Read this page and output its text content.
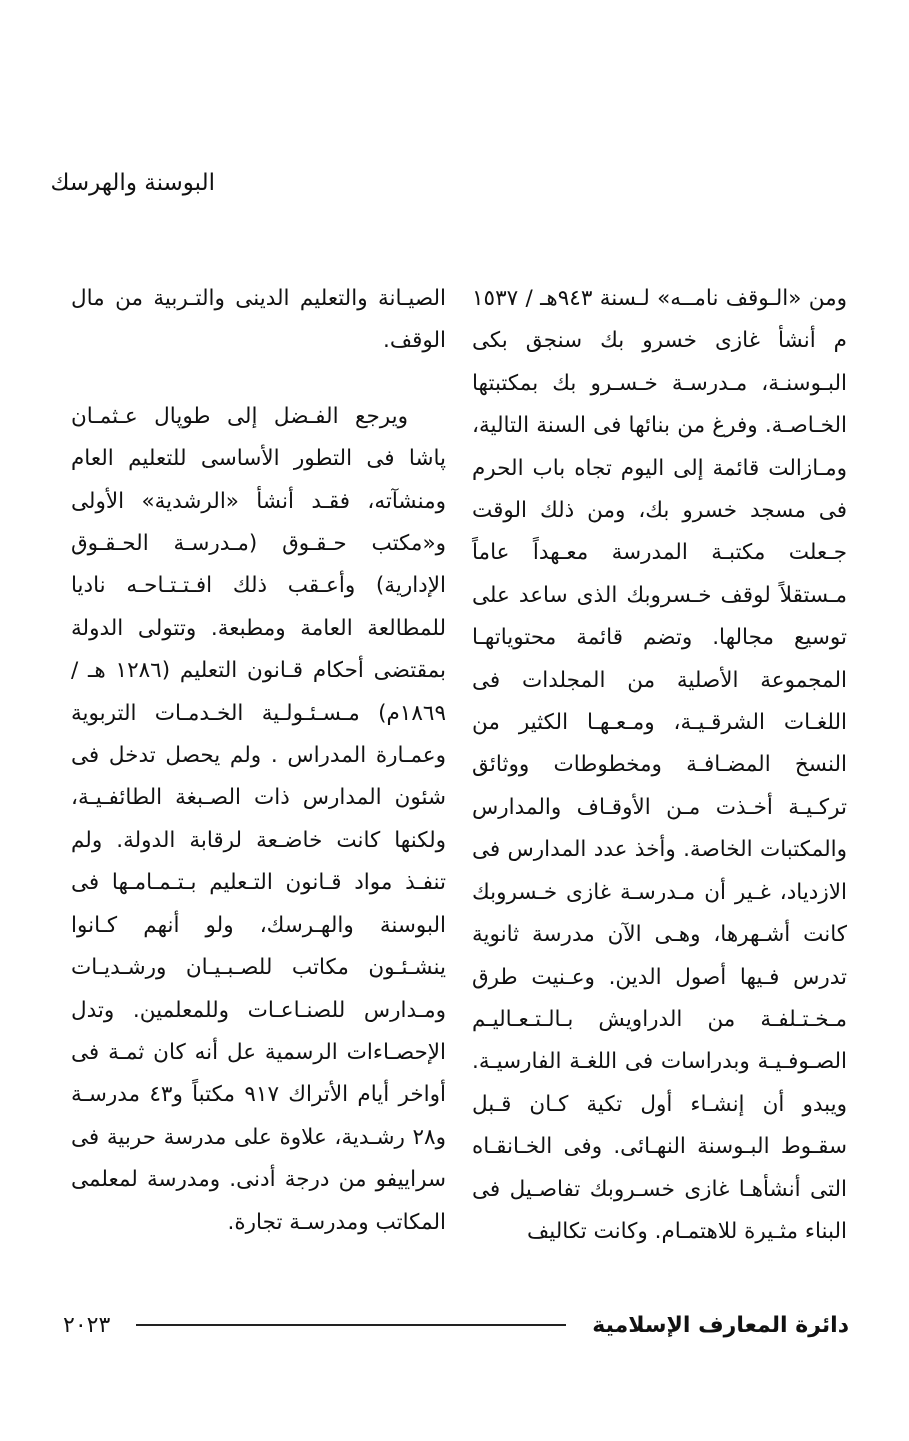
البوسنة والهرسك

ومن «الـوقف نامــه» لـسنة ٩٤٣هـ / ١٥٣٧ م أنشأ غازى خسرو بك سنجق بكى البـوسنـة، مـدرسـة خـسـرو بك بمكتبتها الخـاصـة. وفرغ من بنائها فى السنة التالية، ومـازالت قائمة إلى اليوم تجاه باب الحرم فى مسجد خسرو بك، ومن ذلك الوقت جـعلت مكتبـة المدرسة معـهداً عاماً مـستقلاً لوقف خـسروبك الذى ساعد على توسيع مجالها. وتضم قائمة محتوياتهـا المجموعة الأصلية من المجلدات فى اللغـات الشرقـيـة، ومـعـهـا الكثير من النسخ المضـافـة ومخطوطات ووثائق تركـيـة أخـذت مـن الأوقـاف والمدارس والمكتبات الخاصة. وأخذ عدد المدارس فى الازدياد، غـير أن مـدرسـة غازى خـسروبك كانت أشـهرها، وهـى الآن مدرسة ثانوية تدرس فـيها أصول الدين. وعـنيت طرق مـخـتـلفـة من الدراويش بـالـتـعـاليـم الصـوفـيـة وبدراسات فى اللغـة الفارسيـة. ويبدو أن إنشـاء أول تكية كـان قـبل سقـوط البـوسنة النهـائى. وفى الخـانقـاه التى أنشأهـا غازى خسـروبك تفاصـيل فى البناء مثـيرة للاهتمـام. وكانت تكاليف

الصيـانة والتعليم الدينى والتـربية من مال الوقف.

ويرجع الفـضل إلى طوپال عـثمـان پاشا فى التطور الأساسى للتعليم العام ومنشآته، فقـد أنشأ «الرشدية» الأولى و«مكتب حـقـوق (مـدرسـة الحـقـوق الإدارية) وأعـقب ذلك افـتـتـاحـه ناديا للمطالعة العامة ومطبعة. وتتولى الدولة بمقتضى أحكام قـانون التعليم (١٢٨٦ هـ / ١٨٦٩م) مـسـئـولـية الخـدمـات التربوية وعمـارة المدراس . ولم يحصل تدخل فى شئون المدارس ذات الصـبغة الطائفـيـة، ولكنها كانت خاضـعة لرقابة الدولة. ولم تنفـذ مواد قـانون التـعليم بـتـمـامـها فى البوسنة والهـرسك، ولو أنهم كـانوا ينشـئـون مكاتب للصـبـيـان ورشـديـات ومـدارس للصنـاعـات وللمعلمين. وتدل الإحصـاءات الرسمية عل أنه كان ثمـة فى أواخر أيام الأتراك ٩١٧ مكتباً و٤٣ مدرسـة و٢٨ رشـدية، علاوة على مدرسة حربية فى سراييفو من درجة أدنى. ومدرسة لمعلمى المكاتب ومدرسـة تجارة.

دائرة المعارف الإسلامية
٢٠٢٣
